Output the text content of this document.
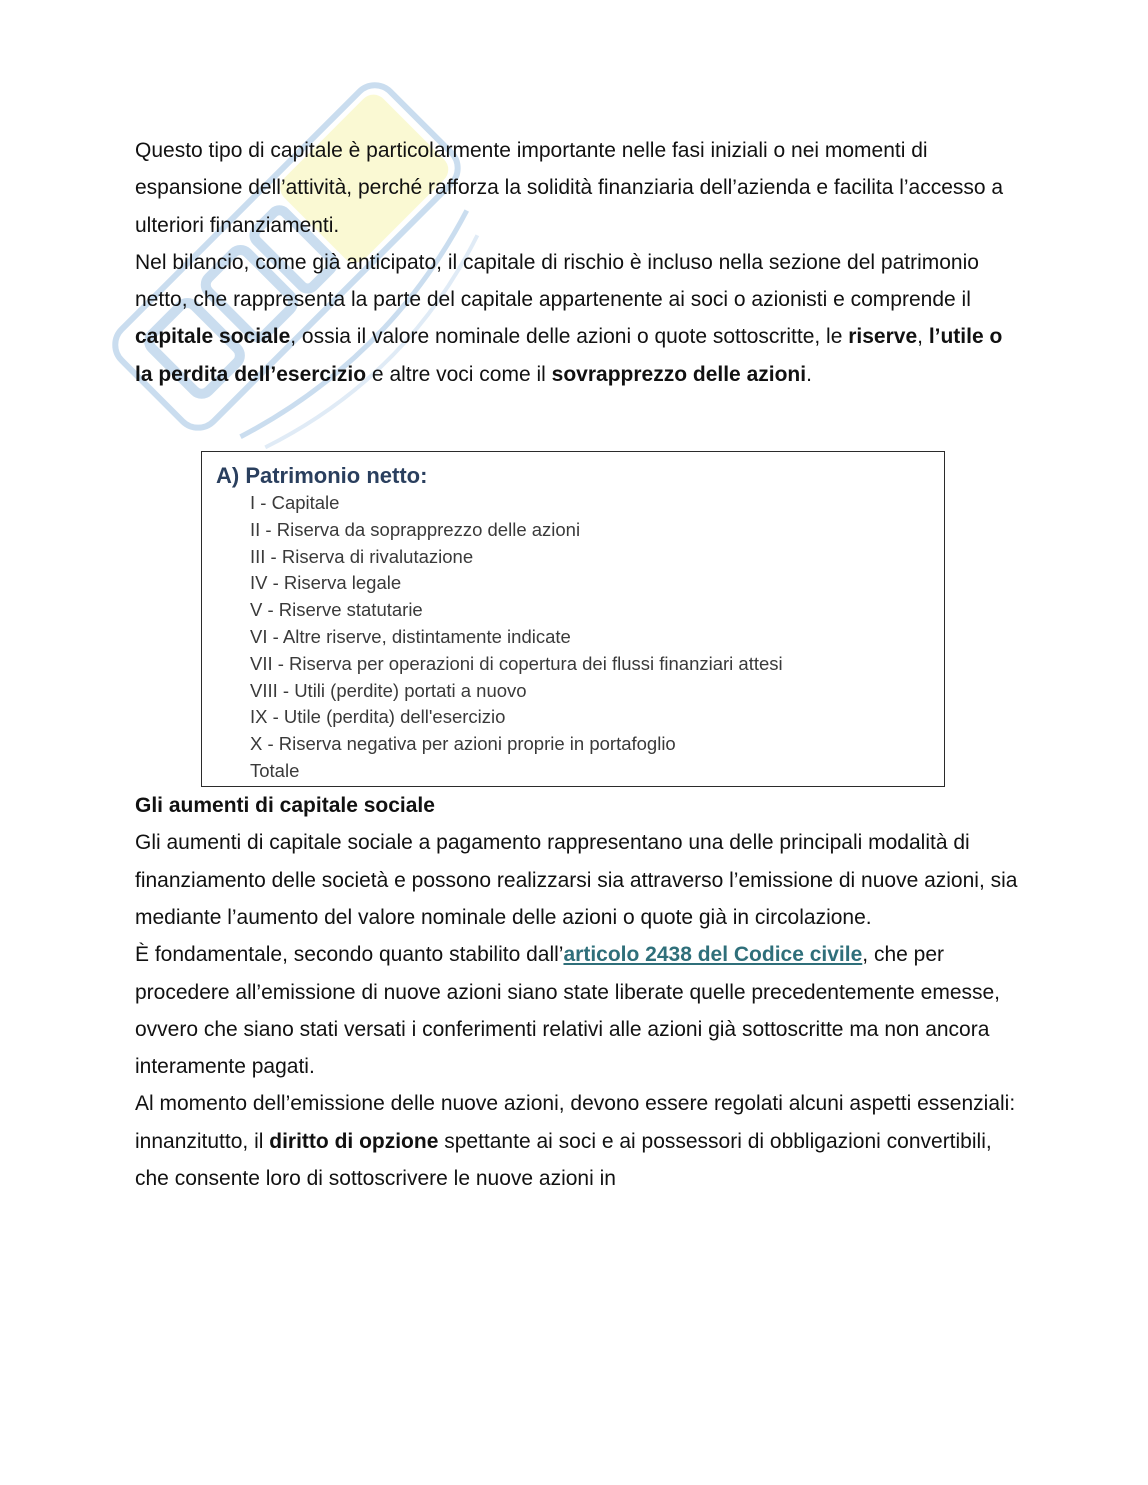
Questo tipo di capitale è particolarmente importante nelle fasi iniziali o nei momenti di espansione dell’attività, perché rafforza la solidità finanziaria dell’azienda e facilita l’accesso a ulteriori finanziamenti.

Nel bilancio, come già anticipato, il capitale di rischio è incluso nella sezione del patrimonio netto, che rappresenta la parte del capitale appartenente ai soci o azionisti e comprende il capitale sociale, ossia il valore nominale delle azioni o quote sottoscritte, le riserve, l’utile o la perdita dell’esercizio e altre voci come il sovrapprezzo delle azioni.

A) Patrimonio netto:

I - Capitale
II - Riserva da soprapprezzo delle azioni
III - Riserva di rivalutazione
IV - Riserva legale
V - Riserve statutarie
VI - Altre riserve, distintamente indicate
VII - Riserva per operazioni di copertura dei flussi finanziari attesi
VIII - Utili (perdite) portati a nuovo
IX - Utile (perdita) dell'esercizio
X - Riserva negativa per azioni proprie in portafoglio
Totale

Gli aumenti di capitale sociale

Gli aumenti di capitale sociale a pagamento rappresentano una delle principali modalità di finanziamento delle società e possono realizzarsi sia attraverso l’emissione di nuove azioni, sia mediante l’aumento del valore nominale delle azioni o quote già in circolazione.

È fondamentale, secondo quanto stabilito dall’articolo 2438 del Codice civile, che per procedere all’emissione di nuove azioni siano state liberate quelle precedentemente emesse, ovvero che siano stati versati i conferimenti relativi alle azioni già sottoscritte ma non ancora interamente pagati.

Al momento dell’emissione delle nuove azioni, devono essere regolati alcuni aspetti essenziali: innanzitutto, il diritto di opzione spettante ai soci e ai possessori di obbligazioni convertibili, che consente loro di sottoscrivere le nuove azioni in
